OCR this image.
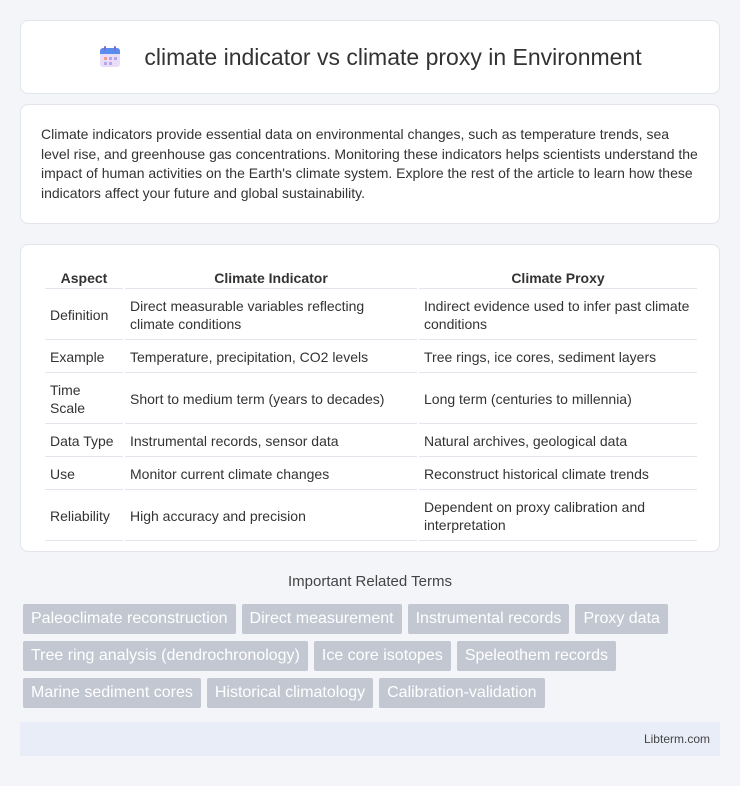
climate indicator vs climate proxy in Environment

Climate indicators provide essential data on environmental changes, such as temperature trends, sea level rise, and greenhouse gas concentrations. Monitoring these indicators helps scientists understand the impact of human activities on the Earth's climate system. Explore the rest of the article to learn how these indicators affect your future and global sustainability.

Aspect	Climate Indicator	Climate Proxy
Definition	Direct measurable variables reflecting climate conditions	Indirect evidence used to infer past climate conditions
Example	Temperature, precipitation, CO2 levels	Tree rings, ice cores, sediment layers
Time Scale	Short to medium term (years to decades)	Long term (centuries to millennia)
Data Type	Instrumental records, sensor data	Natural archives, geological data
Use	Monitor current climate changes	Reconstruct historical climate trends
Reliability	High accuracy and precision	Dependent on proxy calibration and interpretation
Important Related Terms
Paleoclimate reconstruction	Direct measurement	Instrumental records	Proxy data
Tree ring analysis (dendrochronology)	Ice core isotopes	Speleothem records
Marine sediment cores	Historical climatology	Calibration-validation
Libterm.com
